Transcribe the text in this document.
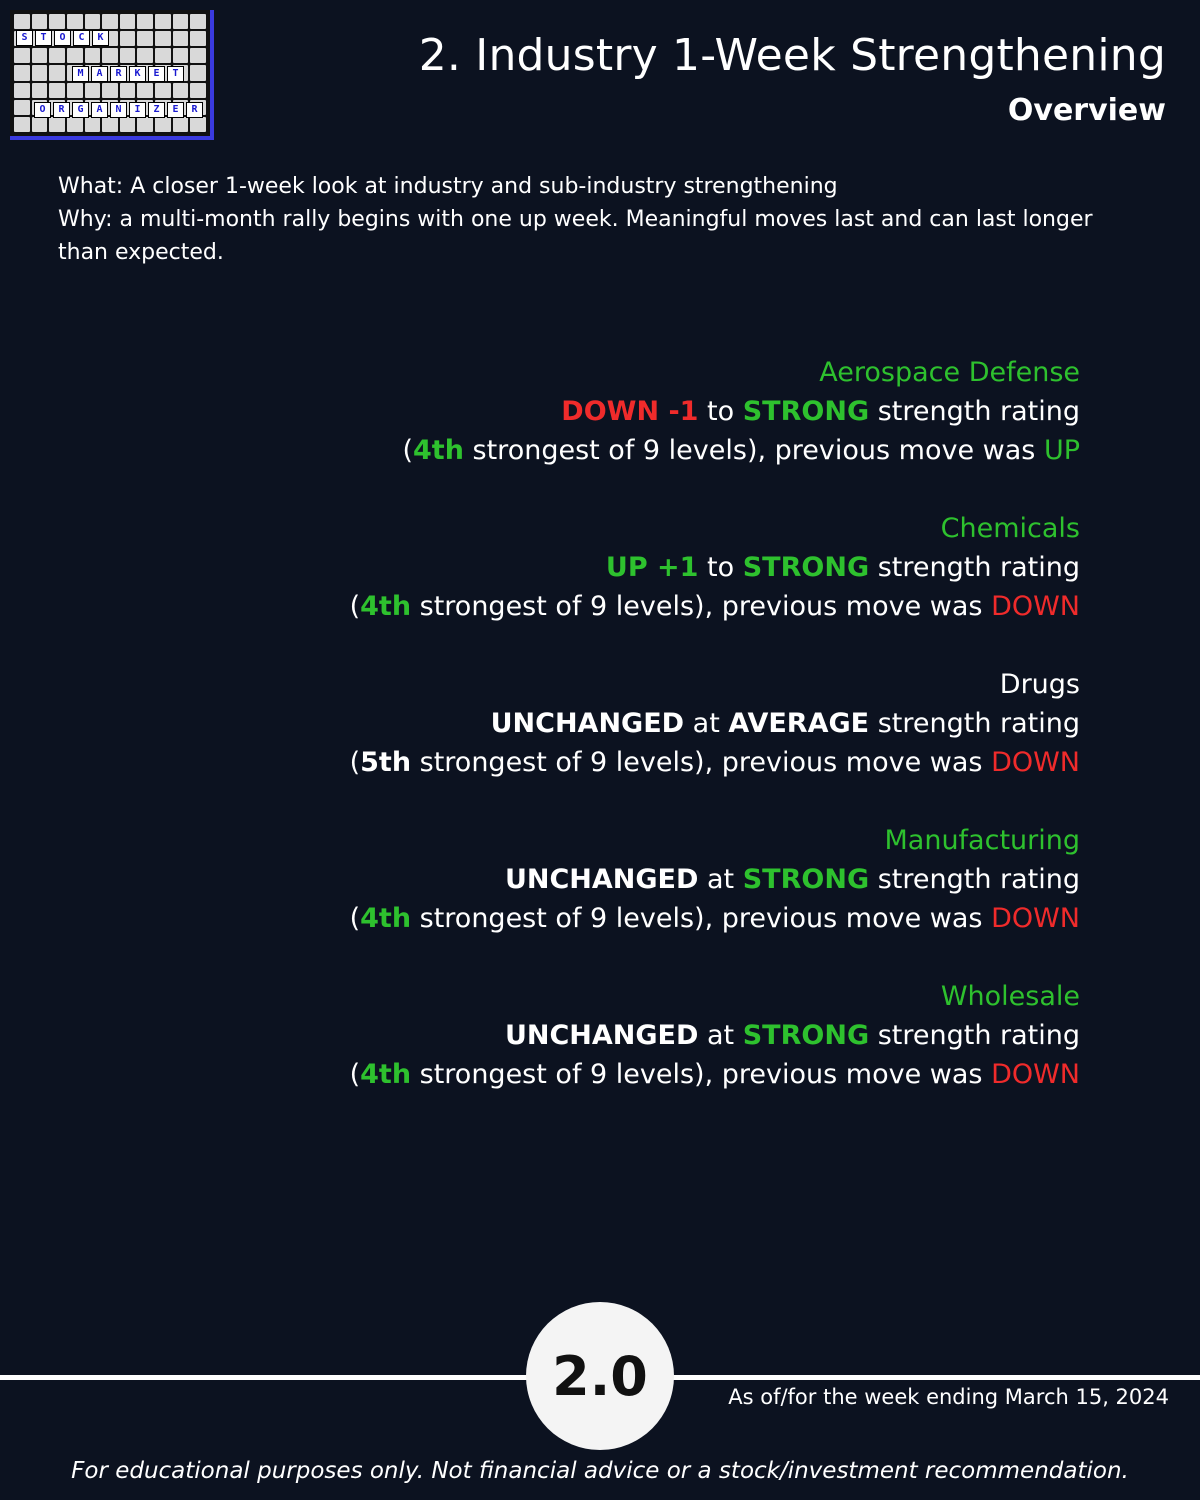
S	T	O	C	K
M	A	R	K	E	T
O	R	G	A	N	I	Z	E	R
2. Industry 1-Week Strengthening
Overview

What: A closer 1-week look at industry and sub-industry strengthening

Why: a multi-month rally begins with one up week. Meaningful moves last and can last longer than expected.

Aerospace Defense
DOWN -1 to STRONG strength rating
(4th strongest of 9 levels), previous move was UP
Chemicals
UP +1 to STRONG strength rating
(4th strongest of 9 levels), previous move was DOWN
Drugs
UNCHANGED at AVERAGE strength rating
(5th strongest of 9 levels), previous move was DOWN
Manufacturing
UNCHANGED at STRONG strength rating
(4th strongest of 9 levels), previous move was DOWN
Wholesale
UNCHANGED at STRONG strength rating
(4th strongest of 9 levels), previous move was DOWN
2.0	As of/for the week ending March 15, 2024
For educational purposes only. Not financial advice or a stock/investment recommendation.
